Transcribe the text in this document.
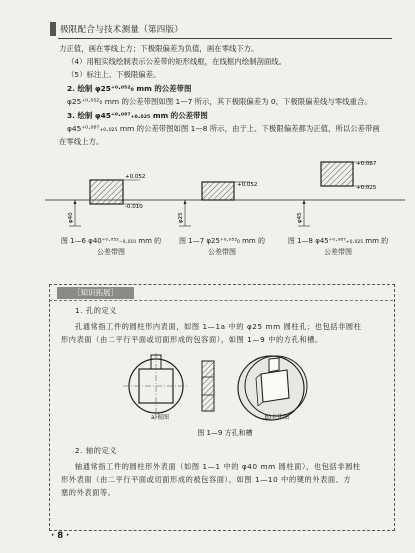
极限配合与技术测量（第四版）
力正值，画在零线上方；下极限偏差为负值，画在零线下方。
（4）用粗实线绘制表示公差带的矩形线框，在线框内绘制剖面线。
（5）标注上、下极限偏差。
2. 绘制 φ25⁺⁰·⁰⁵²₀ mm 的公差带图
φ25⁺⁰·⁰⁵²₀ mm 的公差带图如图 1—7 所示，其下极限偏差为 0，下极限偏差线与零线重合。
3. 绘制 φ45⁺⁰·⁰⁸⁷₊₀.₀₂₅ mm 的公差带图
φ45⁺⁰·⁰⁸⁷₊₀.₀₂₅ mm 的公差带图如图 1—8 所示，由于上、下极限偏差都为正值，所以公差带画
在零线上方。
+0.052
-0.010
φ40
+0.052
φ25
+0.087
+0.025
φ45
图 1—6 φ40⁺⁰·⁰⁵²₋₀.₀₁₀ mm 的
公差带图
图 1—7 φ25⁺⁰·⁰⁵²₀ mm 的
公差带图
图 1—8 φ45⁺⁰·⁰⁸⁷₊₀.₀₂₅ mm 的
公差带图
［知识拓展］
1. 孔的定义
孔通常指工件的圆柱形内表面，如图 1—1a 中的 φ25 mm 圆柱孔；也包括非圆柱
形内表面（由二平行平面或切面形成的包容面），如图 1—9 中的方孔和槽。
a)视图	b)立体图
图 1—9 方孔和槽
2. 轴的定义
轴通常指工件的圆柱形外表面（如图 1—1 中的 φ40 mm 圆柱面），也包括非圆柱
形外表面（由二平行平面或切面形成的被包容面），如图 1—10 中的键的外表面、方
塞的外表面等。
· 8 ·
